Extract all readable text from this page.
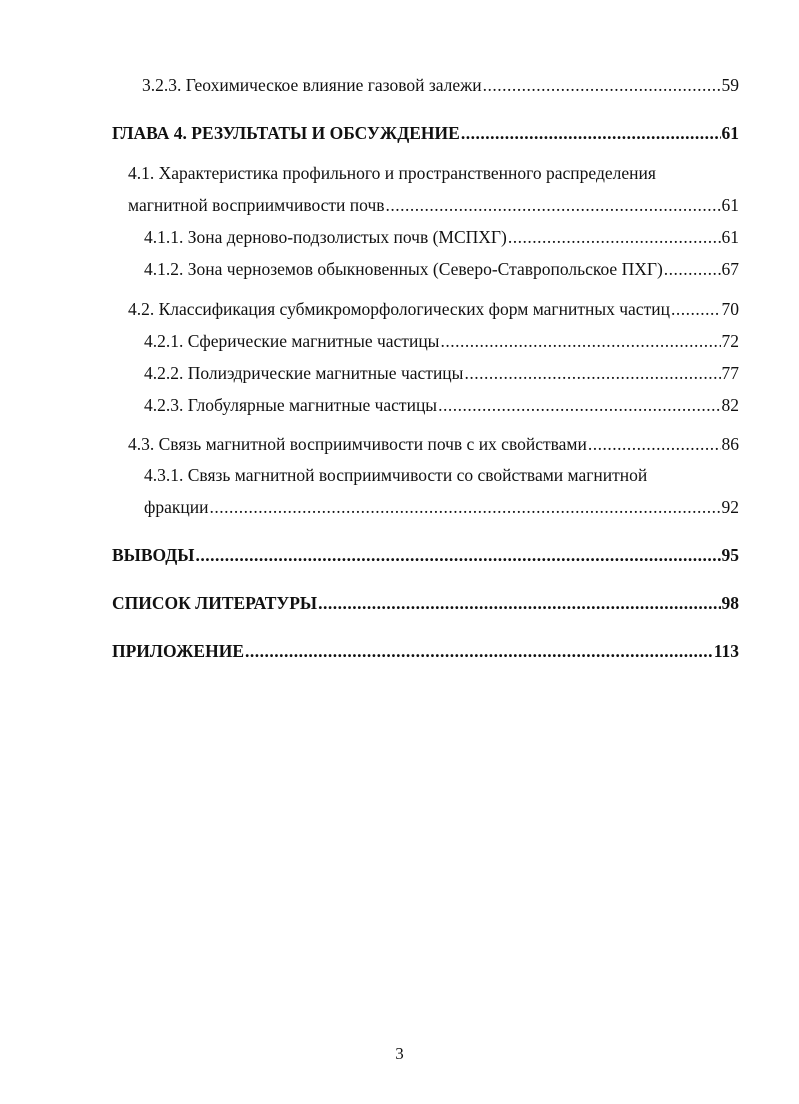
3.2.3. Геохимическое влияние газовой залежи .....	59
ГЛАВА 4. РЕЗУЛЬТАТЫ И ОБСУЖДЕНИЕ .....	61
4.1. Характеристика профильного и пространственного распределения
магнитной восприимчивости почв .....	61
4.1.1. Зона дерново-подзолистых почв (МСПХГ) .....	61
4.1.2. Зона черноземов обыкновенных (Северо-Ставропольское ПХГ) .....	67
4.2. Классификация субмикроморфологических форм магнитных частиц .....	70
4.2.1. Сферические магнитные частицы .....	72
4.2.2. Полиэдрические магнитные частицы .....	77
4.2.3. Глобулярные магнитные частицы .....	82
4.3. Связь магнитной восприимчивости почв с их свойствами .....	86
4.3.1. Связь магнитной восприимчивости со свойствами магнитной
фракции .....	92
ВЫВОДЫ .....	95
СПИСОК ЛИТЕРАТУРЫ .....	98
ПРИЛОЖЕНИЕ .....	113
3
